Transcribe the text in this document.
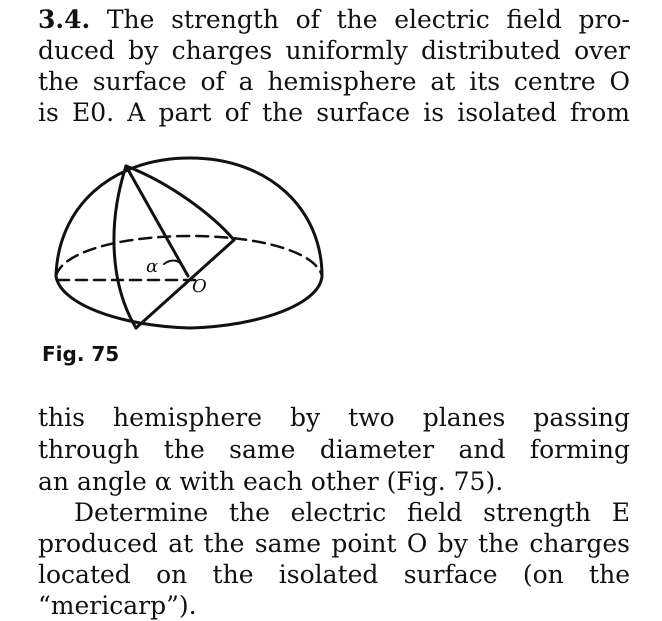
3.4. The strength of the electric field pro-
duced by charges uniformly distributed over
the surface of a hemisphere at its centre O
is E0. A part of the surface is isolated from
α
O
Fig. 75
this hemisphere by two planes passing
through the same diameter and forming
an angle α with each other (Fig. 75).
Determine the electric field strength E
produced at the same point O by the charges
located on the isolated surface (on the
“mericarp”).
